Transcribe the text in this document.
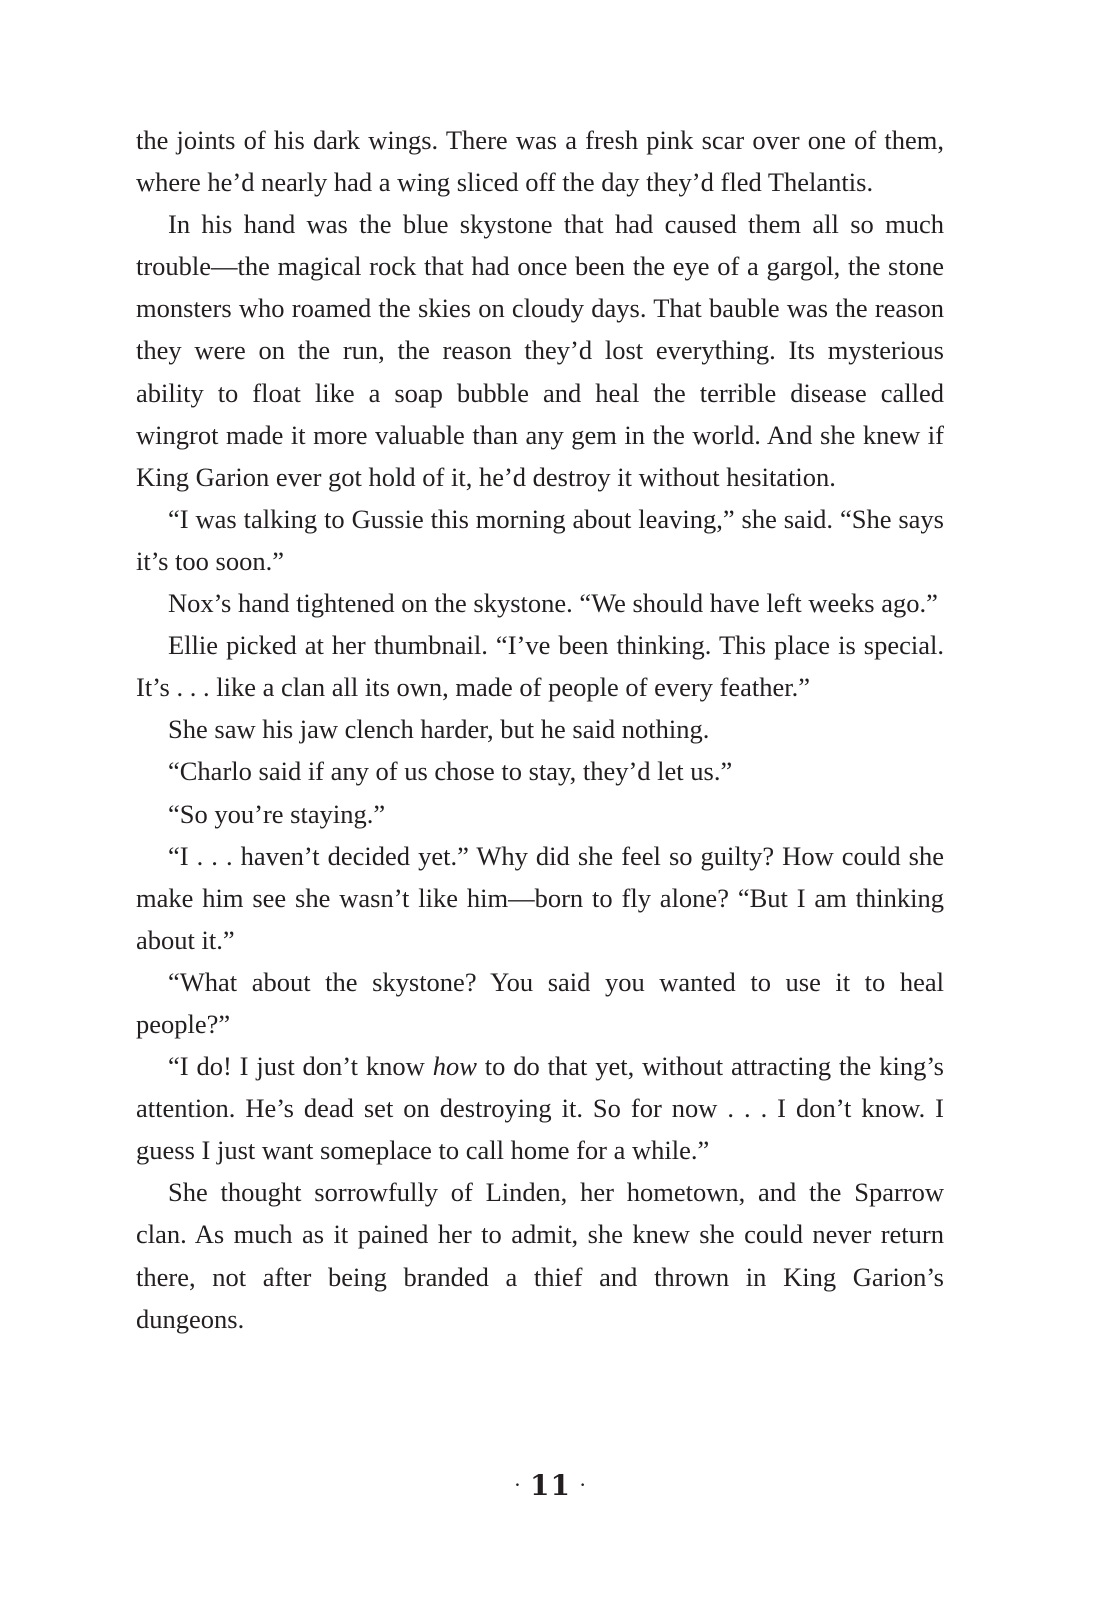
the joints of his dark wings. There was a fresh pink scar over one of them, where he’d nearly had a wing sliced off the day they’d fled Thelantis.

In his hand was the blue skystone that had caused them all so much trouble—the magical rock that had once been the eye of a gargol, the stone monsters who roamed the skies on cloudy days. That bauble was the reason they were on the run, the reason they’d lost everything. Its mysterious ability to float like a soap bubble and heal the terrible disease called wingrot made it more valuable than any gem in the world. And she knew if King Garion ever got hold of it, he’d destroy it without hesitation.

“I was talking to Gussie this morning about leaving,” she said. “She says it’s too soon.”

Nox’s hand tightened on the skystone. “We should have left weeks ago.”

Ellie picked at her thumbnail. “I’ve been thinking. This place is special. It’s . . . like a clan all its own, made of people of every feather.”

She saw his jaw clench harder, but he said nothing.

“Charlo said if any of us chose to stay, they’d let us.”

“So you’re staying.”

“I . . . haven’t decided yet.” Why did she feel so guilty? How could she make him see she wasn’t like him—born to fly alone? “But I am thinking about it.”

“What about the skystone? You said you wanted to use it to heal people?”

“I do! I just don’t know how to do that yet, without attracting the king’s attention. He’s dead set on destroying it. So for now . . . I don’t know. I guess I just want someplace to call home for a while.”

She thought sorrowfully of Linden, her hometown, and the Sparrow clan. As much as it pained her to admit, she knew she could never return there, not after being branded a thief and thrown in King Garion’s dungeons.

· 11 ·
